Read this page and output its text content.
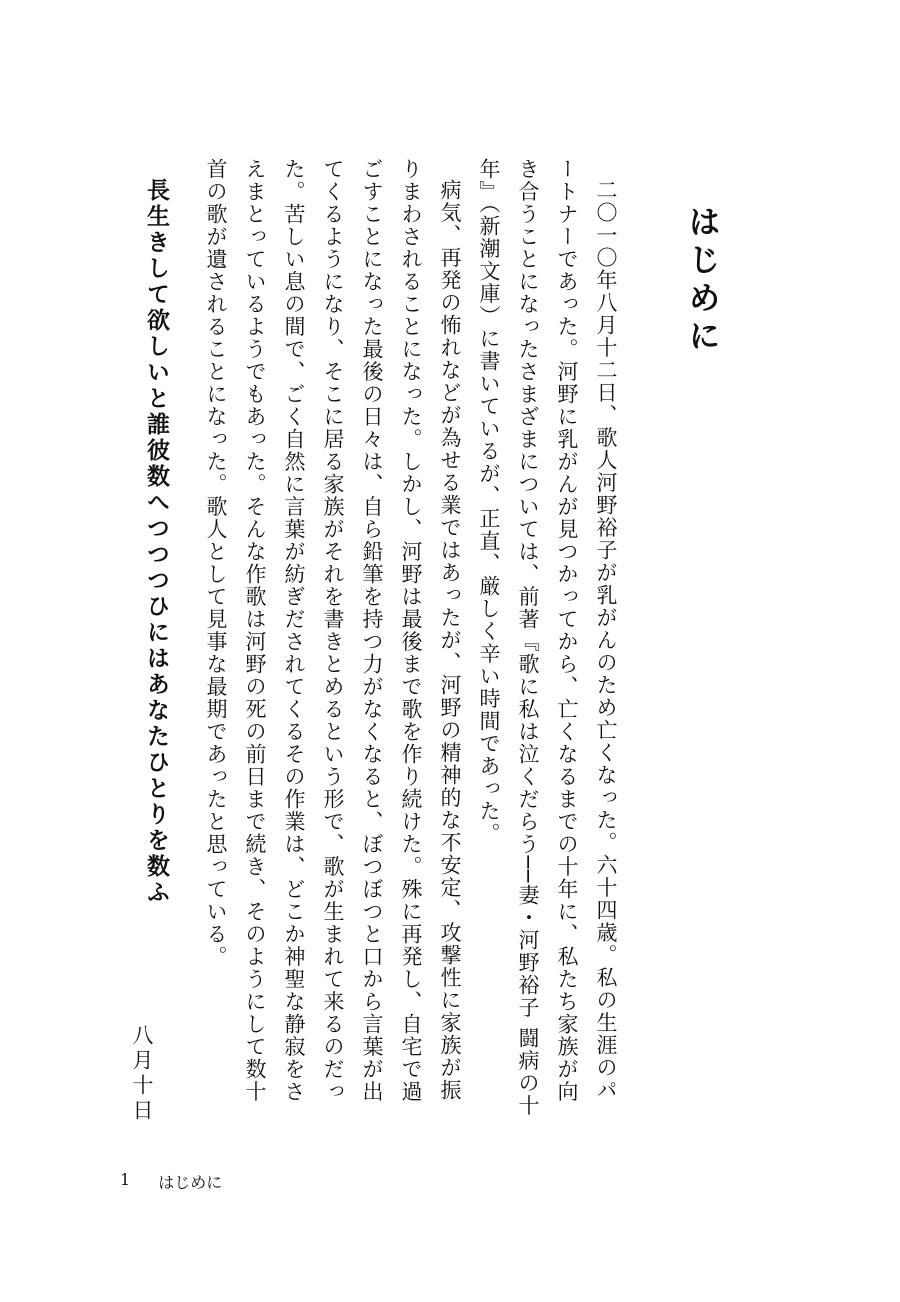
はじめに

二〇一〇年八月十二日、歌人河野裕子が乳がんのため亡くなった。六十四歳。私の生涯のパートナーであった。河野に乳がんが見つかってから、亡くなるまでの十年に、私たち家族が向き合うことになったさまざまについては、前著『歌に私は泣くだらう──妻・河野裕子 闘病の十年』（新潮文庫）に書いているが、正直、厳しく辛い時間であった。

病気、再発の怖れなどが為せる業ではあったが、河野の精神的な不安定、攻撃性に家族が振りまわされることになった。しかし、河野は最後まで歌を作り続けた。殊に再発し、自宅で過ごすことになった最後の日々は、自ら鉛筆を持つ力がなくなると、ぼつぼつと口から言葉が出てくるようになり、そこに居る家族がそれを書きとめるという形で、歌が生まれて来るのだった。苦しい息の間で、ごく自然に言葉が紡ぎだされてくるその作業は、どこか神聖な静寂をさえまとっているようでもあった。そんな作歌は河野の死の前日まで続き、そのようにして数十首の歌が遺されることになった。歌人として見事な最期であったと思っている。

長生きして欲しいと誰彼数へつつつひにはあなたひとりを数ふ
八月十日
1 はじめに
